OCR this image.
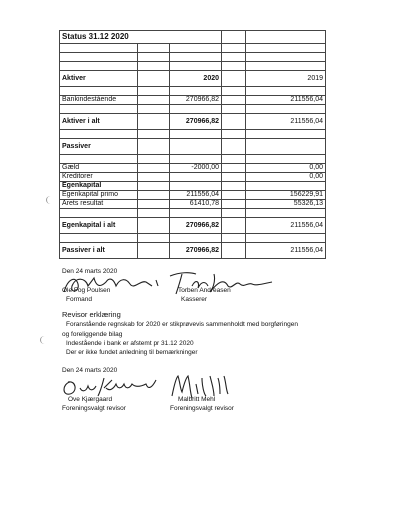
Status 31.12 2020				

Aktiver		2020		2019

Bankindestående		270966,82		211556,04

Aktiver i alt		270966,82		211556,04

Passiver				

Gæld		-2000,00		0,00
Kreditorer				0,00
Egenkapital				
Egenkapital primo		211556,04		156229,91
Årets resultat		61410,78		55326,13

Egenkapital i alt		270966,82		211556,04

Passiver i alt		270966,82		211556,04
Den 24 marts 2020
Ole Fog Poulsen
Formand
Torben Andreasen
Kasserer
Revisor erklæring
Foranstående regnskab for 2020 er stikprøvevis sammenholdt med borgføringen
og foreliggende bilag
Indestående i bank er afstemt pr 31.12 2020
Der er ikke fundet anledning til bemærkninger
Den 24 marts 2020
Ove Kjærgaard
Foreningsvalgt revisor
Malbritt Mehl
Foreningsvalgt revisor
